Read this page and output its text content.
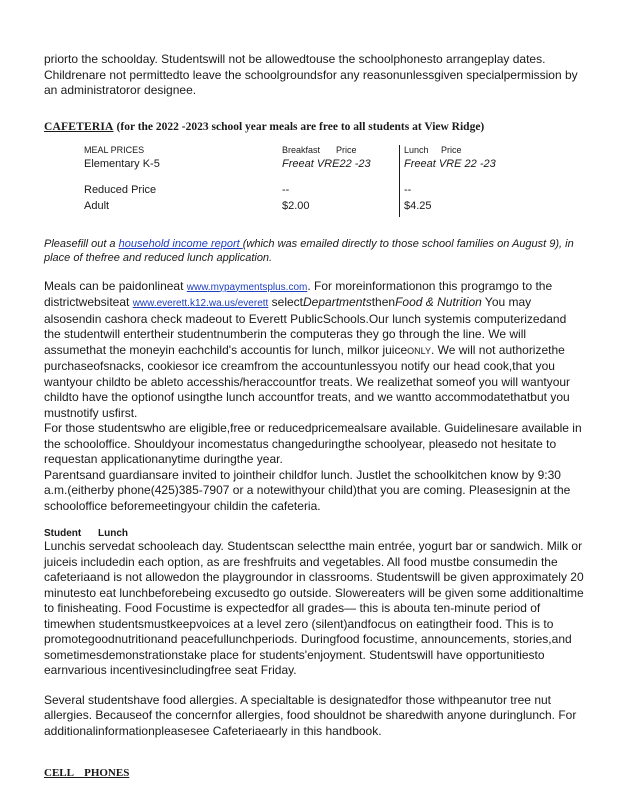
priorto the schoolday. Studentswill not be allowedtouse the schoolphonesto arrangeplay dates. Childrenare not permittedto leave the schoolgroundsfor any reasonunlessgiven specialpermission by an administratoror designee.

CAFETERIA (for the 2022 -2023 school year meals are free to all students at View Ridge)
MEAL PRICES	Breakfast Price	Lunch Price
Elementary K-5	Freeat VRE22 -23	Freeat VRE 22 -23
Reduced Price	--	--
Adult	$2.00	$4.25

Pleasefill out a household income report (which was emailed directly to those school families on August 9), in place of thefree and reduced lunch application.

Meals can be paidonlineat www.mypaymentsplus.com. For moreinformationon this programgo to the districtwebsiteat www.everett.k12.wa.us/everett selectDepartmentsthenFood & Nutrition You may alsosendin cashora check madeout to Everett PublicSchools.Our lunch systemis computerizedand the studentwill entertheir studentnumberin the computeras they go through the line. We will assumethat the moneyin eachchild's accountis for lunch, milkor juiceONLY. We will not authorizethe purchaseofsnacks, cookiesor ice creamfrom the accountunlessyou notify our head cook,that you wantyour childto be ableto accesshis/heraccountfor treats. We realizethat someof you will wantyour childto have the optionof usingthe lunch accountfor treats, and we wantto accommodatethatbut you mustnotify usfirst.

For those studentswho are eligible,free or reducedpricemealsare available. Guidelinesare available in the schooloffice. Shouldyour incomestatus changeduringthe schoolyear, pleasedo not hesitate to requestan applicationanytime duringthe year.

Parentsand guardiansare invited to jointheir childfor lunch. Justlet the schoolkitchen know by 9:30 a.m.(eitherby phone(425)385-7907 or a notewithyour child)that you are coming. Pleasesignin at the schooloffice beforemeetingyour childin the cafeteria.

Student Lunch

Lunchis servedat schooleach day. Studentscan selectthe main entrée, yogurt bar or sandwich. Milk or juiceis includedin each option, as are freshfruits and vegetables. All food mustbe consumedin the cafeteriaand is not allowedon the playgroundor in classrooms. Studentswill be given approximately 20 minutesto eat lunchbeforebeing excusedto go outside. Slowereaters will be given some additionaltime to finisheating. Food Focustime is expectedfor all grades— this is abouta ten-minute period of timewhen studentsmustkeepvoices at a level zero (silent)andfocus on eatingtheir food. This is to promotegoodnutritionand peacefullunchperiods. Duringfood focustime, announcements, stories,and sometimesdemonstrationstake place for students'enjoyment. Studentswill have opportunitiesto earnvarious incentivesincludingfree seat Friday.

Several studentshave food allergies. A specialtable is designatedfor those withpeanutor tree nut allergies. Becauseof the concernfor allergies, food shouldnot be sharedwith anyone duringlunch. For additionalinformationpleasesee Cafeteriaearly in this handbook.

CELL PHONES
